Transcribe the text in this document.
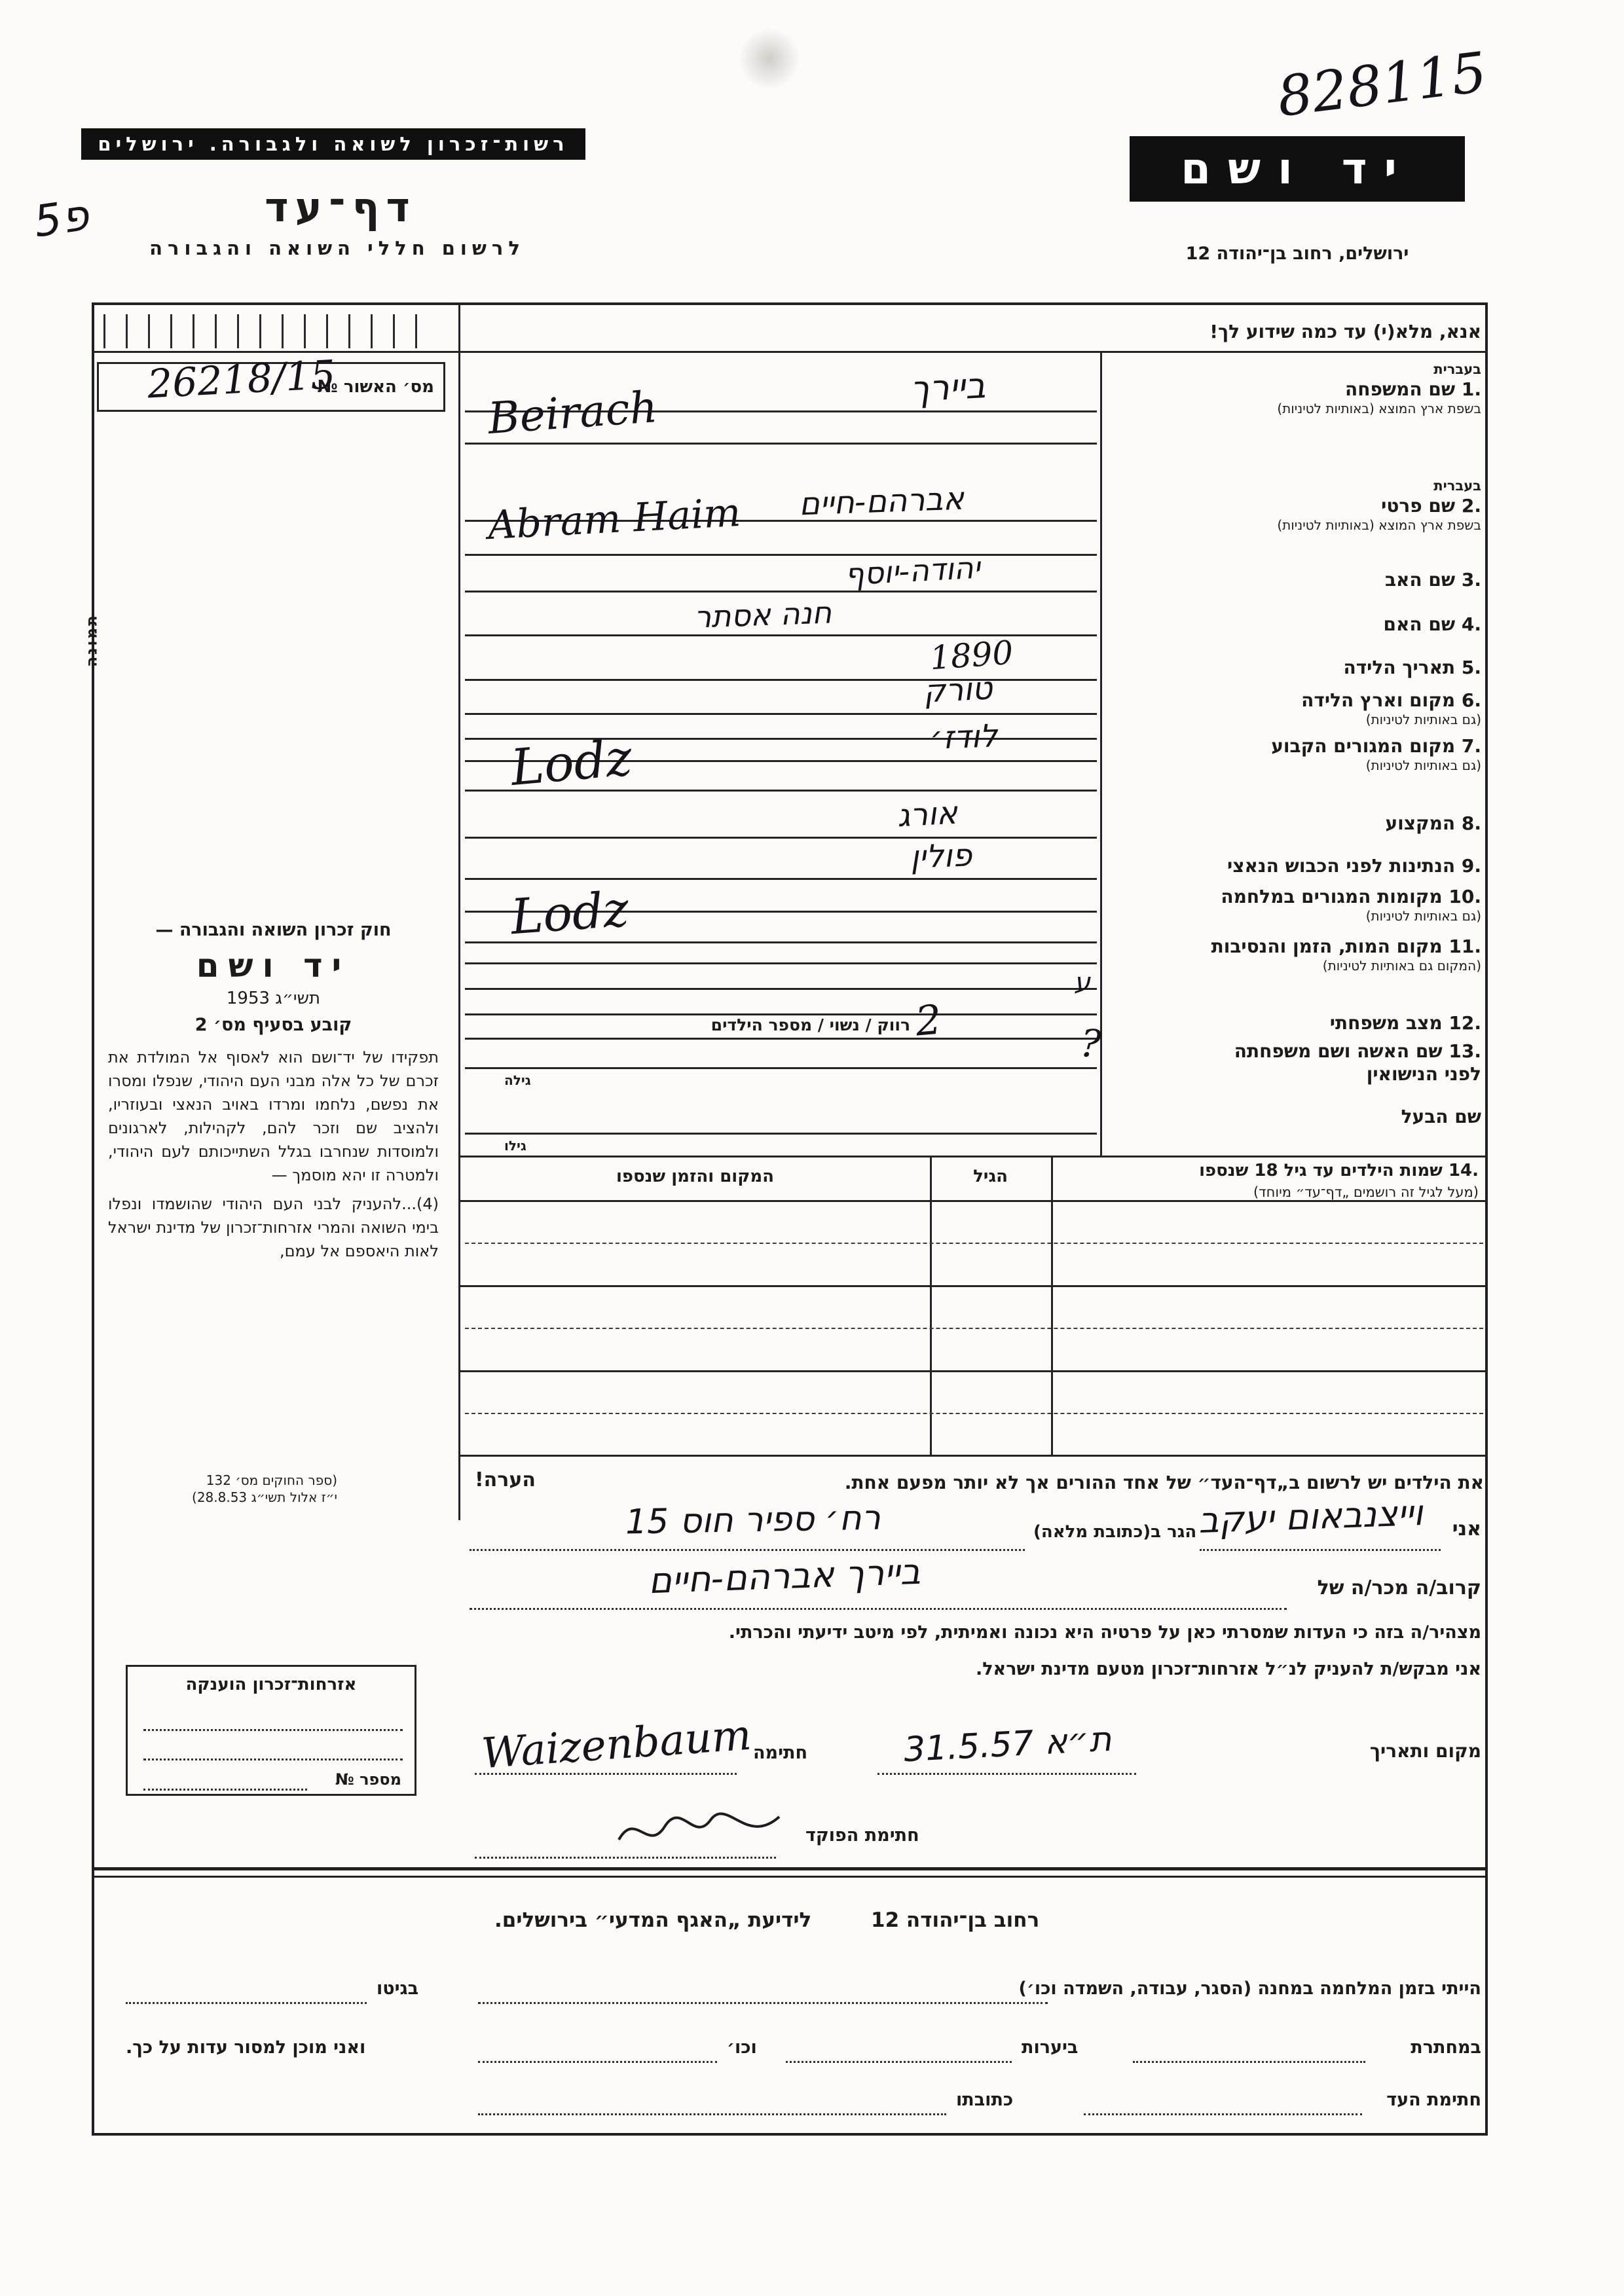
828115
פ5
רשות־זכרון לשואה ולגבורה. ירושלים
דף־עד
לרשום חללי השואה והגבורה
יד ושם
ירושלים, רחוב בן־יהודה 12
אנא, מלא(י) עד כמה שידוע לך!
מס׳ האשור №
26218/15
תמונה
חוק זכרון השואה והגבורה —
יד ושם
תשי״ג 1953
קובע בסעיף מס׳ 2
תפקידו של יד־ושם הוא לאסוף אל המולדת את זכרם של כל אלה מבני העם היהודי, שנפלו ומסרו את נפשם, נלחמו ומרדו באויב הנאצי ובעוזריו, ולהציב שם וזכר להם, לקהילות, לארגונים ולמוסדות שנחרבו בגלל השתייכותם לעם היהודי, ולמטרה זו יהא מוסמך —
(4)...להעניק לבני העם היהודי שהושמדו ונפלו בימי השואה והמרי אזרחות־זכרון של מדינת ישראל לאות היאספם אל עמם,
(ספר החוקים מס׳ 132
י״ז אלול תשי״ג 28.8.53)
בעברית
1. שם המשפחה
בשפת ארץ המוצא (באותיות לטיניות)
בעברית
2. שם פרטי
בשפת ארץ המוצא (באותיות לטיניות)
3. שם האב
4. שם האם
5. תאריך הלידה
6. מקום וארץ הלידה
(גם באותיות לטיניות)
7. מקום המגורים הקבוע
(גם באותיות לטיניות)
8. המקצוע
9. הנתינות לפני הכבוש הנאצי
10. מקומות המגורים במלחמה
(גם באותיות לטיניות)
11. מקום המות, הזמן והנסיבות
(המקום גם באותיות לטיניות)
12. מצב משפחתי
13. שם האשה ושם משפחתה
לפני הנישואין
שם הבעל
רווק / נשוי / מספר הילדים
גילה
גילו
14. שמות הילדים עד גיל 18 שנספו
(מעל לגיל זה רושמים „דף־עד״ מיוחד)
הגיל
המקום והזמן שנספו
את הילדים יש לרשום ב„דף־העד״ של אחד ההורים אך לא יותר מפעם אחת.
הערה!
אני
הגר ב(כתובת מלאה)
קרוב/ה מכר/ה של
מצהיר/ה בזה כי העדות שמסרתי כאן על פרטיה היא נכונה ואמיתית, לפי מיטב ידיעתי והכרתי.
אני מבקש/ת להעניק לנ״ל אזרחות־זכרון מטעם מדינת ישראל.
מקום ותאריך
חתימה
חתימת הפוקד
אזרחות־זכרון הוענקה
מספר №
לידיעת „האגף המדעי״ בירושלים.	רחוב בן־יהודה 12
הייתי בזמן המלחמה במחנה (הסגר, עבודה, השמדה וכו׳)
בגיטו
במחתרת
ביערות
וכו׳
ואני מוכן למסור עדות על כך.
חתימת העד
כתובתו
ביירך
Beirach
אברהם-חיים
Abram Haim
יהודה-יוסף
חנה אסתר
1890
טורק
לודז׳
Lodz
אורג
פולין
Lodz
ע
2	?
וייצנבאום יעקב
רח׳ ספיר חוס 15
ביירך אברהם-חיים
ת״א 31.5.57
Waizenbaum
